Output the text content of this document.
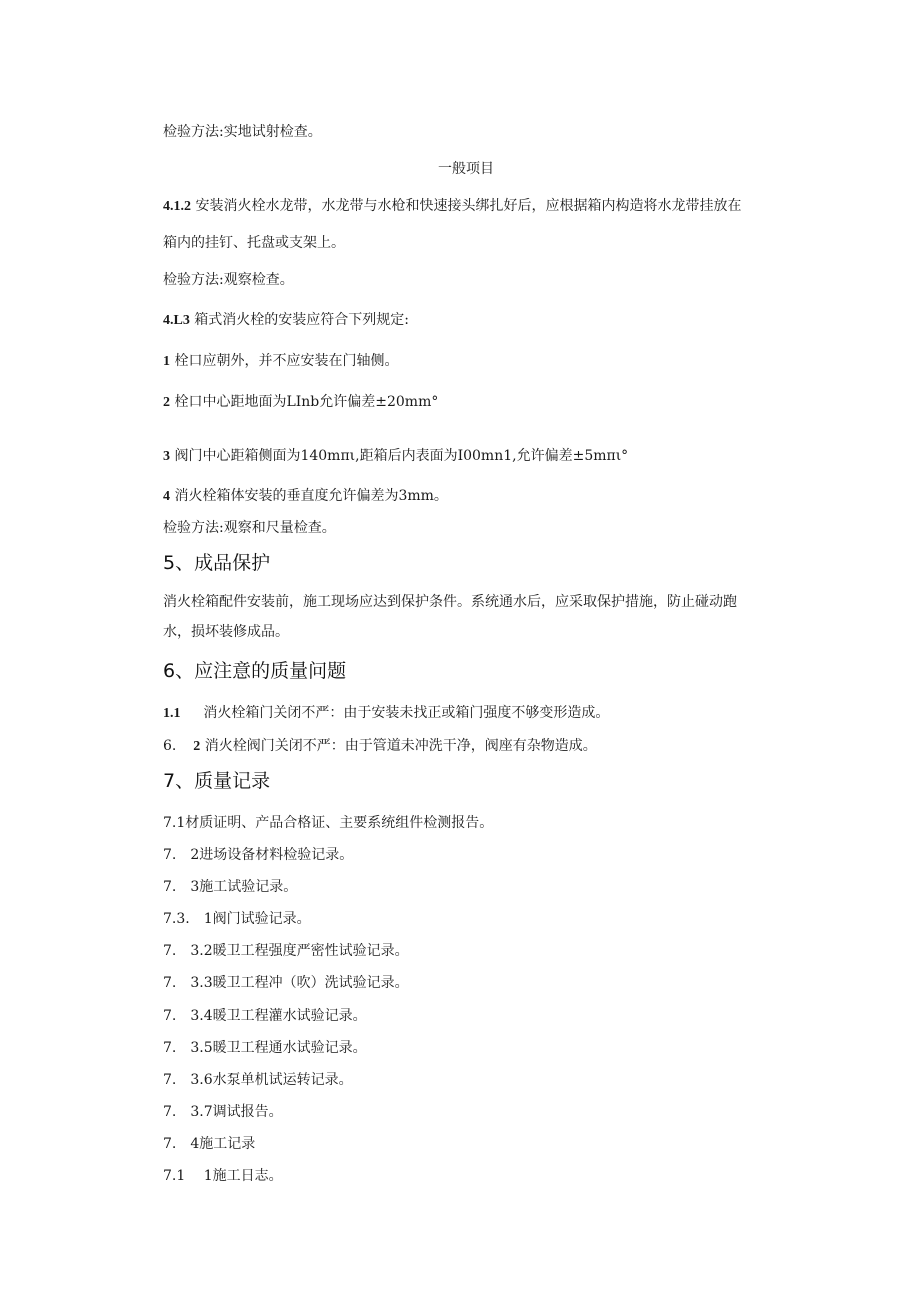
检验方法:实地试射检查。
一般项目
4.1.2 安装消火栓水龙带，水龙带与水枪和快速接头绑扎好后，应根据箱内构造将水龙带挂放在
箱内的挂钉、托盘或支架上。
检验方法:观察检查。
4.L3 箱式消火栓的安装应符合下列规定:
1 栓口应朝外，并不应安装在门轴侧。
2 栓口中心距地面为LInb允许偏差±20mm°
3 阀门中心距箱侧面为140mπι,距箱后内表面为I00mn1,允许偏差±5mπι°
4 消火栓箱体安装的垂直度允许偏差为3mm。
检验方法:观察和尺量检查。
5、成品保护
消火栓箱配件安装前，施工现场应达到保护条件。系统通水后，应采取保护措施，防止碰动跑
水，损坏装修成品。
6、应注意的质量问题
1.1 消火栓箱门关闭不严：由于安装未找正或箱门强度不够变形造成。
6. 2 消火栓阀门关闭不严：由于管道未冲洗干净，阀座有杂物造成。
7、质量记录
7.1材质证明、产品合格证、主要系统组件检测报告。
7.　2进场设备材料检验记录。
7.　3施工试验记录。
7.3.　1阀门试验记录。
7.　3.2暖卫工程强度严密性试验记录。
7.　3.3暖卫工程冲（吹）洗试验记录。
7.　3.4暖卫工程灌水试验记录。
7.　3.5暖卫工程通水试验记录。
7.　3.6水泵单机试运转记录。
7.　3.7调试报告。
7.　4施工记录
7.1　 1施工日志。
